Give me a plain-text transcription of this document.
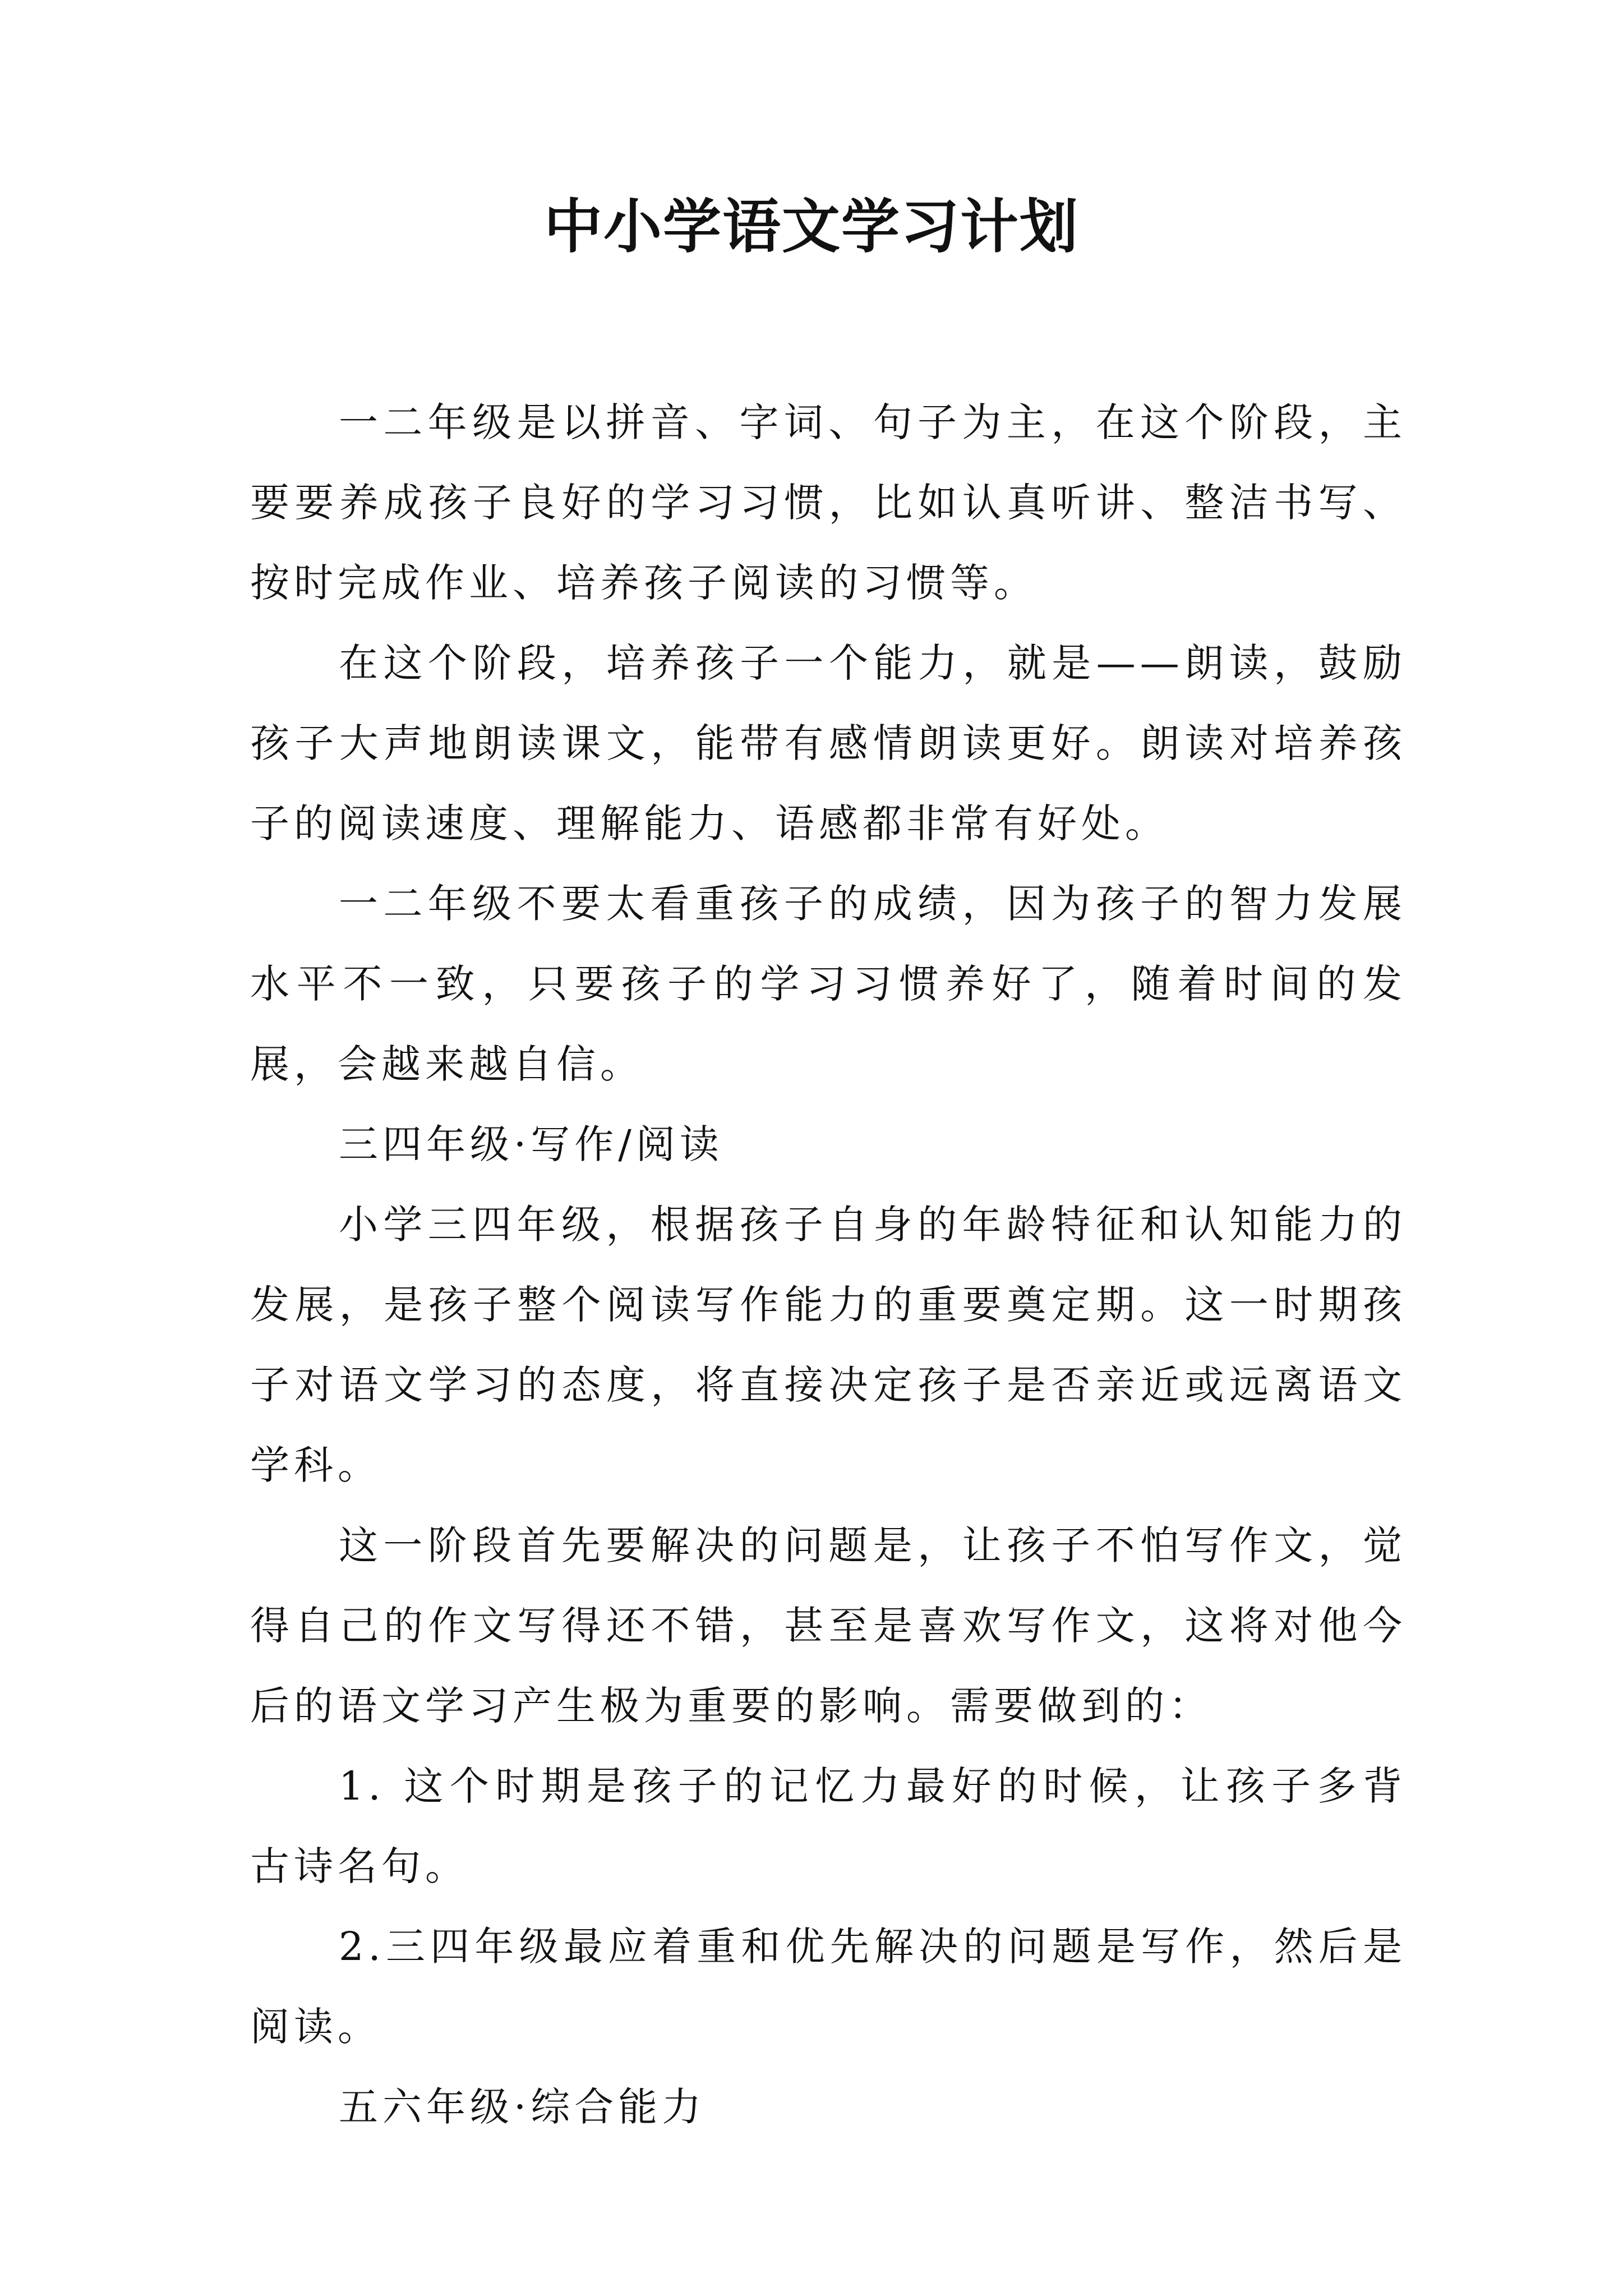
中小学语文学习计划

一二年级是以拼音、字词、句子为主，在这个阶段，主要要养成孩子良好的学习习惯，比如认真听讲、整洁书写、按时完成作业、培养孩子阅读的习惯等。

在这个阶段，培养孩子一个能力，就是——朗读，鼓励孩子大声地朗读课文，能带有感情朗读更好。朗读对培养孩子的阅读速度、理解能力、语感都非常有好处。

一二年级不要太看重孩子的成绩，因为孩子的智力发展水平不一致，只要孩子的学习习惯养好了，随着时间的发展，会越来越自信。

三四年级·写作/阅读

小学三四年级，根据孩子自身的年龄特征和认知能力的发展，是孩子整个阅读写作能力的重要奠定期。这一时期孩子对语文学习的态度，将直接决定孩子是否亲近或远离语文学科。

这一阶段首先要解决的问题是，让孩子不怕写作文，觉得自己的作文写得还不错，甚至是喜欢写作文，这将对他今后的语文学习产生极为重要的影响。需要做到的：

1. 这个时期是孩子的记忆力最好的时候，让孩子多背古诗名句。

2.三四年级最应着重和优先解决的问题是写作，然后是阅读。

五六年级·综合能力
